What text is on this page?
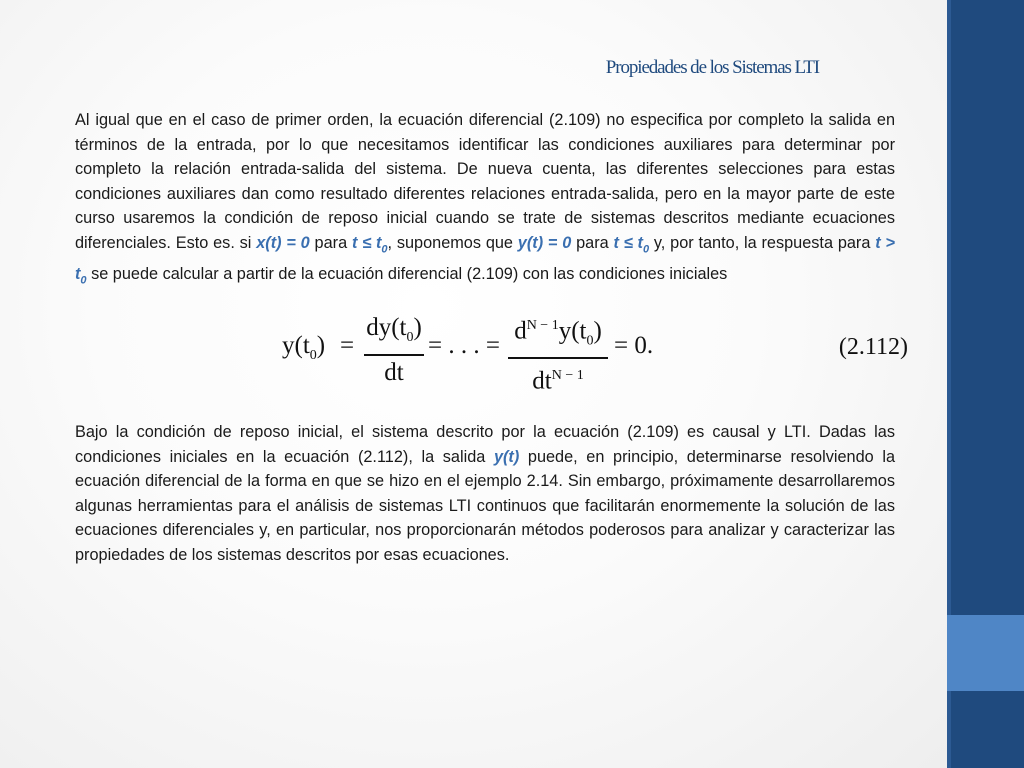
Propiedades de los Sistemas LTI

Al igual que en el caso de primer orden, la ecuación diferencial (2.109) no especifica por completo la salida en términos de la entrada, por lo que necesitamos identificar las condiciones auxiliares para determinar por completo la relación entrada-salida del sistema. De nueva cuenta, las diferentes selecciones para estas condiciones auxiliares dan como resultado diferentes relaciones entrada-salida, pero en la mayor parte de este curso usaremos la condición de reposo inicial cuando se trate de sistemas descritos mediante ecuaciones diferenciales. Esto es. si x(t) = 0 para $t \le t_0$, suponemos que y(t) = 0 para $t \le t_0$ y, por tanto, la respuesta para $t > t_0$ se puede calcular a partir de la ecuación diferencial (2.109) con las condiciones iniciales

$y(t_0)$ =
$dy(t_0)$
dt
= . . . =
$d^{N - 1}y(t_0)$
$dt^{N - 1}$
= 0.	(2.112)

Bajo la condición de reposo inicial, el sistema descrito por la ecuación (2.109) es causal y LTI. Dadas las condiciones iniciales en la ecuación (2.112), la salida y(t) puede, en principio, determinarse resolviendo la ecuación diferencial de la forma en que se hizo en el ejemplo 2.14. Sin embargo, próximamente desarrollaremos algunas herramientas para el análisis de sistemas LTI continuos que facilitarán enormemente la solución de las ecuaciones diferenciales y, en particular, nos proporcionarán métodos poderosos para analizar y caracterizar las propiedades de los sistemas descritos por esas ecuaciones.
